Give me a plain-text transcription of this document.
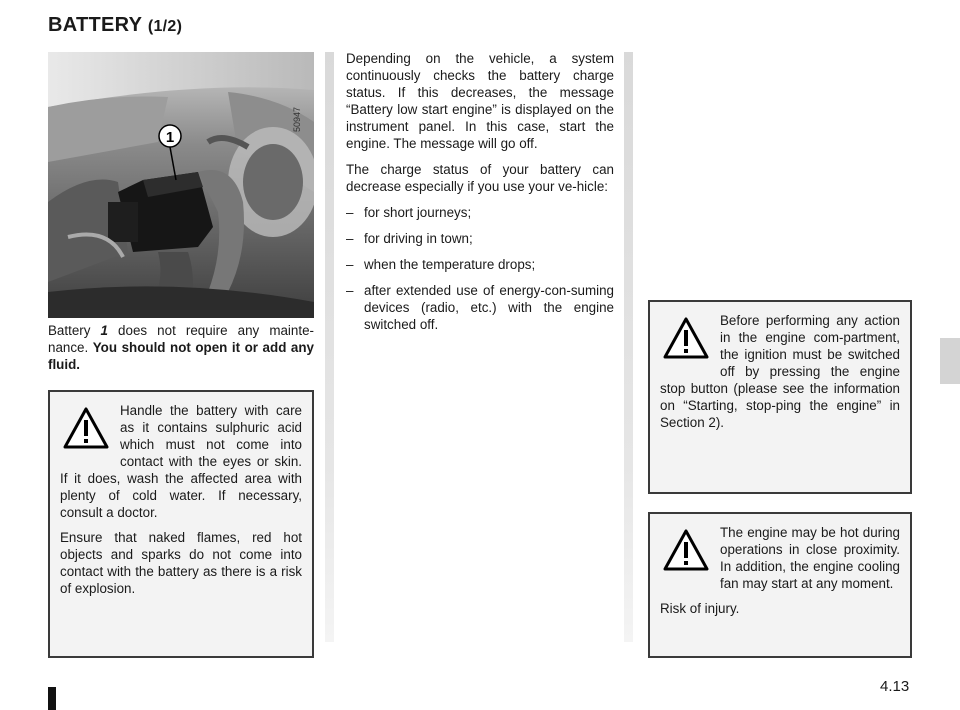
BATTERY (1/2)
1
50947
Battery 1 does not require any mainte-nance. You should not open it or add any fluid.

Handle the battery with care as it contains sulphuric acid which must not come into contact with the eyes or skin. If it does, wash the affected area with plenty of cold water. If necessary, consult a doctor.

Ensure that naked flames, red hot objects and sparks do not come into contact with the battery as there is a risk of explosion.

Depending on the vehicle, a system continuously checks the battery charge status. If this decreases, the message “Battery low start engine” is displayed on the instrument panel. In this case, start the engine. The message will go off.

The charge status of your battery can decrease especially if you use your ve-hicle:

– for short journeys;
– for driving in town;
– when the temperature drops;
– after extended use of energy-con-suming devices (radio, etc.) with the engine switched off.	Before performing any action in the engine com-partment, the ignition must be switched off by pressing the engine stop button (please see the information on “Starting, stop-ping the engine” in Section 2).

The engine may be hot during operations in close proximity. In addition, the engine cooling fan may start at any moment.

Risk of injury.

4.13
